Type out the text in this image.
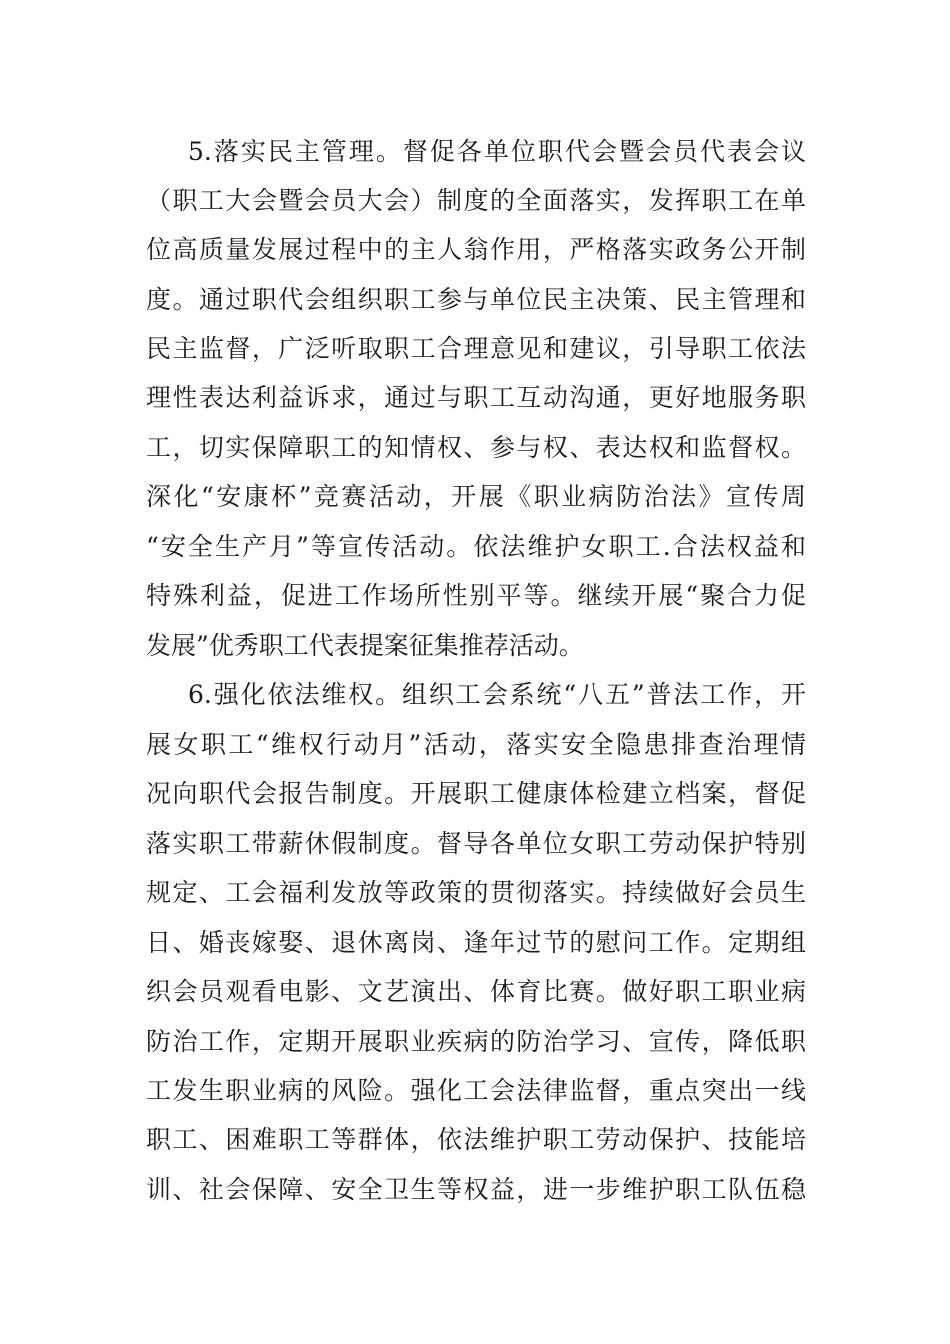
5.落实民主管理。督促各单位职代会暨会员代表会议
（职工大会暨会员大会）制度的全面落实，发挥职工在单
位高质量发展过程中的主人翁作用，严格落实政务公开制
度。通过职代会组织职工参与单位民主决策、民主管理和
民主监督，广泛听取职工合理意见和建议，引导职工依法
理性表达利益诉求，通过与职工互动沟通，更好地服务职
工，切实保障职工的知情权、参与权、表达权和监督权。
深化“安康杯”竞赛活动，开展《职业病防治法》宣传周
“安全生产月”等宣传活动。依法维护女职工.合法权益和
特殊利益，促进工作场所性别平等。继续开展“聚合力促
发展”优秀职工代表提案征集推荐活动。
6.强化依法维权。组织工会系统“八五”普法工作，开
展女职工“维权行动月”活动，落实安全隐患排查治理情
况向职代会报告制度。开展职工健康体检建立档案，督促
落实职工带薪休假制度。督导各单位女职工劳动保护特别
规定、工会福利发放等政策的贯彻落实。持续做好会员生
日、婚丧嫁娶、退休离岗、逢年过节的慰问工作。定期组
织会员观看电影、文艺演出、体育比赛。做好职工职业病
防治工作，定期开展职业疾病的防治学习、宣传，降低职
工发生职业病的风险。强化工会法律监督，重点突出一线
职工、困难职工等群体，依法维护职工劳动保护、技能培
训、社会保障、安全卫生等权益，进一步维护职工队伍稳
